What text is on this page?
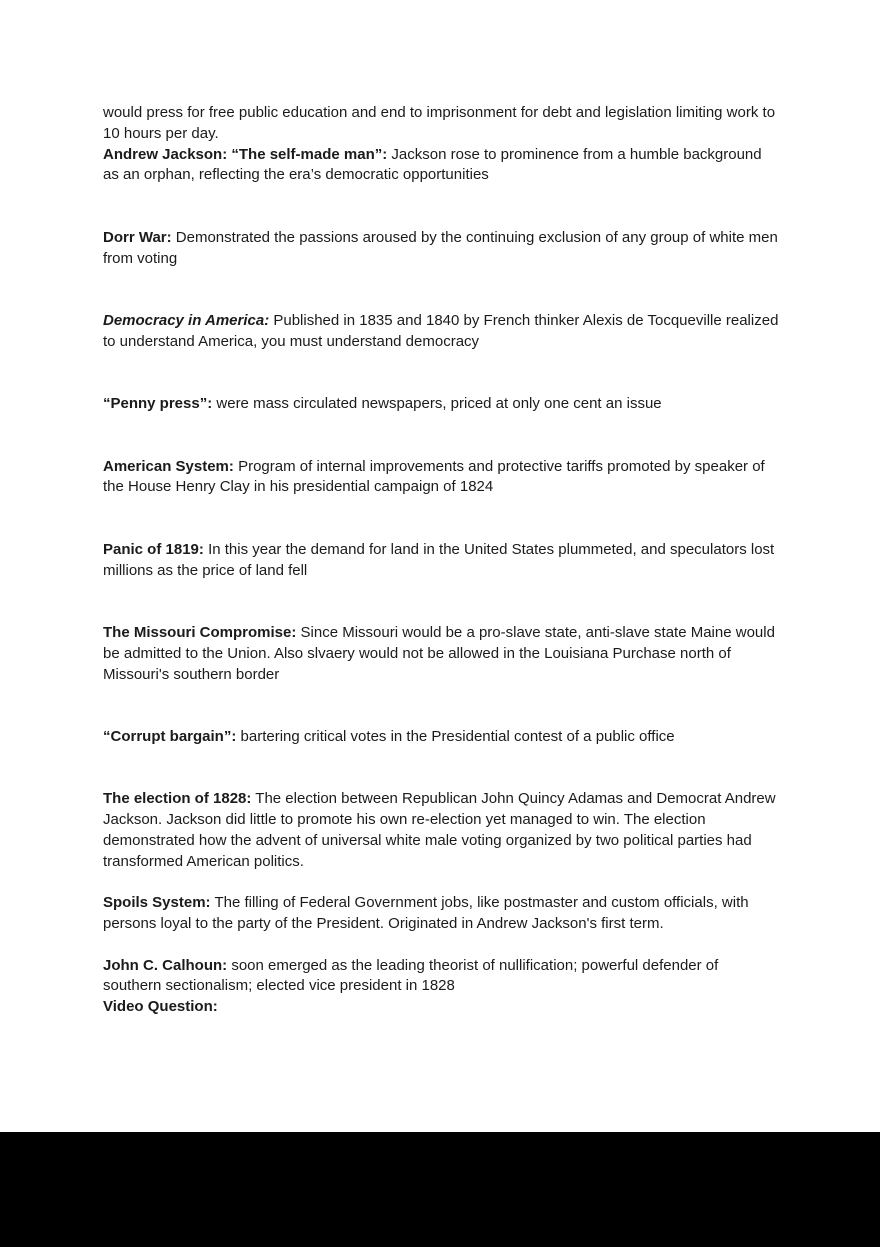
would press for free public education and end to imprisonment for debt and legislation limiting work to 10 hours per day.

Andrew Jackson: “The self-made man”: Jackson rose to prominence from a humble background as an orphan, reflecting the era’s democratic opportunities

Dorr War: Demonstrated the passions aroused by the continuing exclusion of any group of white men from voting

Democracy in America: Published in 1835 and 1840 by French thinker Alexis de Tocqueville realized to understand America, you must understand democracy

“Penny press”: were mass circulated newspapers, priced at only one cent an issue

American System: Program of internal improvements and protective tariffs promoted by speaker of the House Henry Clay in his presidential campaign of 1824

Panic of 1819: In this year the demand for land in the United States plummeted, and speculators lost millions as the price of land fell

The Missouri Compromise: Since Missouri would be a pro-slave state, anti-slave state Maine would be admitted to the Union. Also slvaery would not be allowed in the Louisiana Purchase north of Missouri's southern border

“Corrupt bargain”: bartering critical votes in the Presidential contest of a public office

The election of 1828: The election between Republican John Quincy Adamas and Democrat Andrew Jackson. Jackson did little to promote his own re-election yet managed to win. The election demonstrated how the advent of universal white male voting organized by two political parties had transformed American politics.

Spoils System: The filling of Federal Government jobs, like postmaster and custom officials, with persons loyal to the party of the President. Originated in Andrew Jackson's first term.

John C. Calhoun: soon emerged as the leading theorist of nullification; powerful defender of southern sectionalism; elected vice president in 1828

Video Question:
